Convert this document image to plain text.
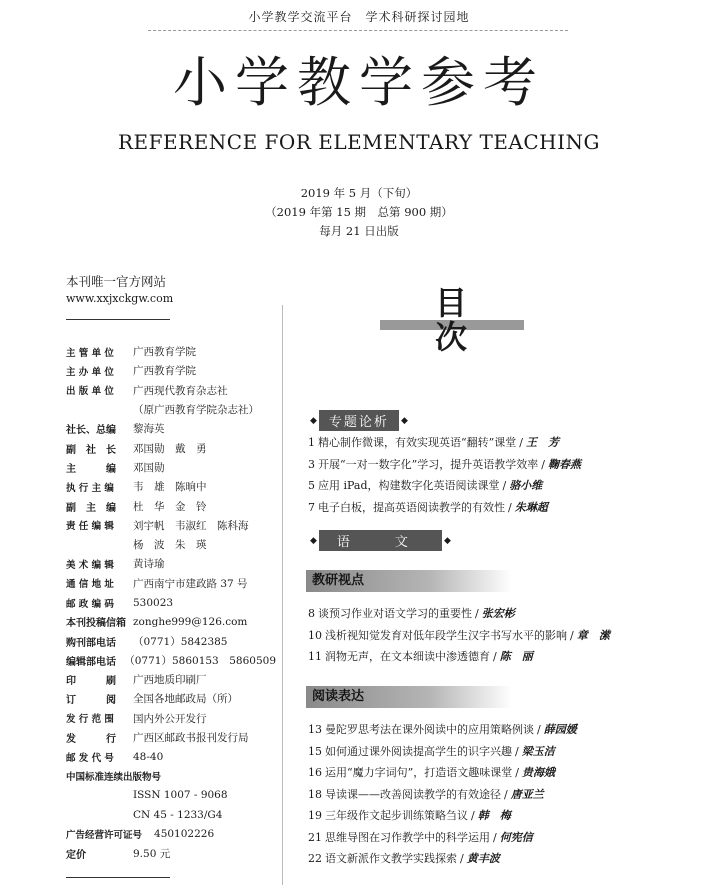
小学教学交流平台　学术科研探讨园地
小学教学参考
REFERENCE FOR ELEMENTARY TEACHING
2019 年 5 月（下旬）
（2019 年第 15 期　总第 900 期）
每月 21 日出版
本刊唯一官方网站
www.xxjxckgw.com
主 管 单 位	广西教育学院
主 办 单 位	广西教育学院
出 版 单 位	广西现代教育杂志社
（原广西教育学院杂志社）
社长、总编	黎海英
副　社　长	邓国勋　戴　勇
主　　　编	邓国勋
执 行 主 编	韦　雄　陈晌中
副　主　编	杜　华　金　铃
责 任 编 辑	刘宇帆　韦淑红　陈科海
杨　波　朱　瑛
美 术 编 辑	黄诗瑜
通 信 地 址	广西南宁市建政路 37 号
邮 政 编 码	530023
本刊投稿信箱 zonghe999@126.com
购刊部电话	（0771）5842385
编辑部电话 （0771）5860153　5860509
印　　　刷	广西地质印刷厂
订　　　阅	全国各地邮政局（所）
发 行 范 围	国内外公开发行
发　　　行	广西区邮政书报刊发行局
邮 发 代 号	48-40
中国标准连续出版物号
ISSN 1007 - 9068
CN 45 - 1233/G4
广告经营许可证号 450102226
定价	9.50 元
目　次
◆ 专题论析	◆
1 精心制作微课，有效实现英语“翻转”课堂 / 王　芳
3 开展“一对一数字化”学习，提升英语教学效率 / 鞠春燕
5 应用 iPad，构建数字化英语阅读课堂 / 骆小维
7 电子白板，提高英语阅读教学的有效性 / 朱琳超
◆	语　文	◆
教研视点
8 谈预习作业对语文学习的重要性 / 张宏彬
10 浅析视知觉发育对低年段学生汉字书写水平的影响 / 章　潆
11 润物无声，在文本细读中渗透德育 / 陈　丽
阅读表达
13 曼陀罗思考法在课外阅读中的应用策略例谈 / 薛园媛
15 如何通过课外阅读提高学生的识字兴趣 / 梁玉洁
16 运用“魔力字词句”，打造语文趣味课堂 / 贵海娥
18 导读课——改善阅读教学的有效途径 / 唐亚兰
19 三年级作文起步训练策略刍议 / 韩　梅
21 思维导图在习作教学中的科学运用 / 何宪信
22 语文新派作文教学实践探索 / 黄丰波
